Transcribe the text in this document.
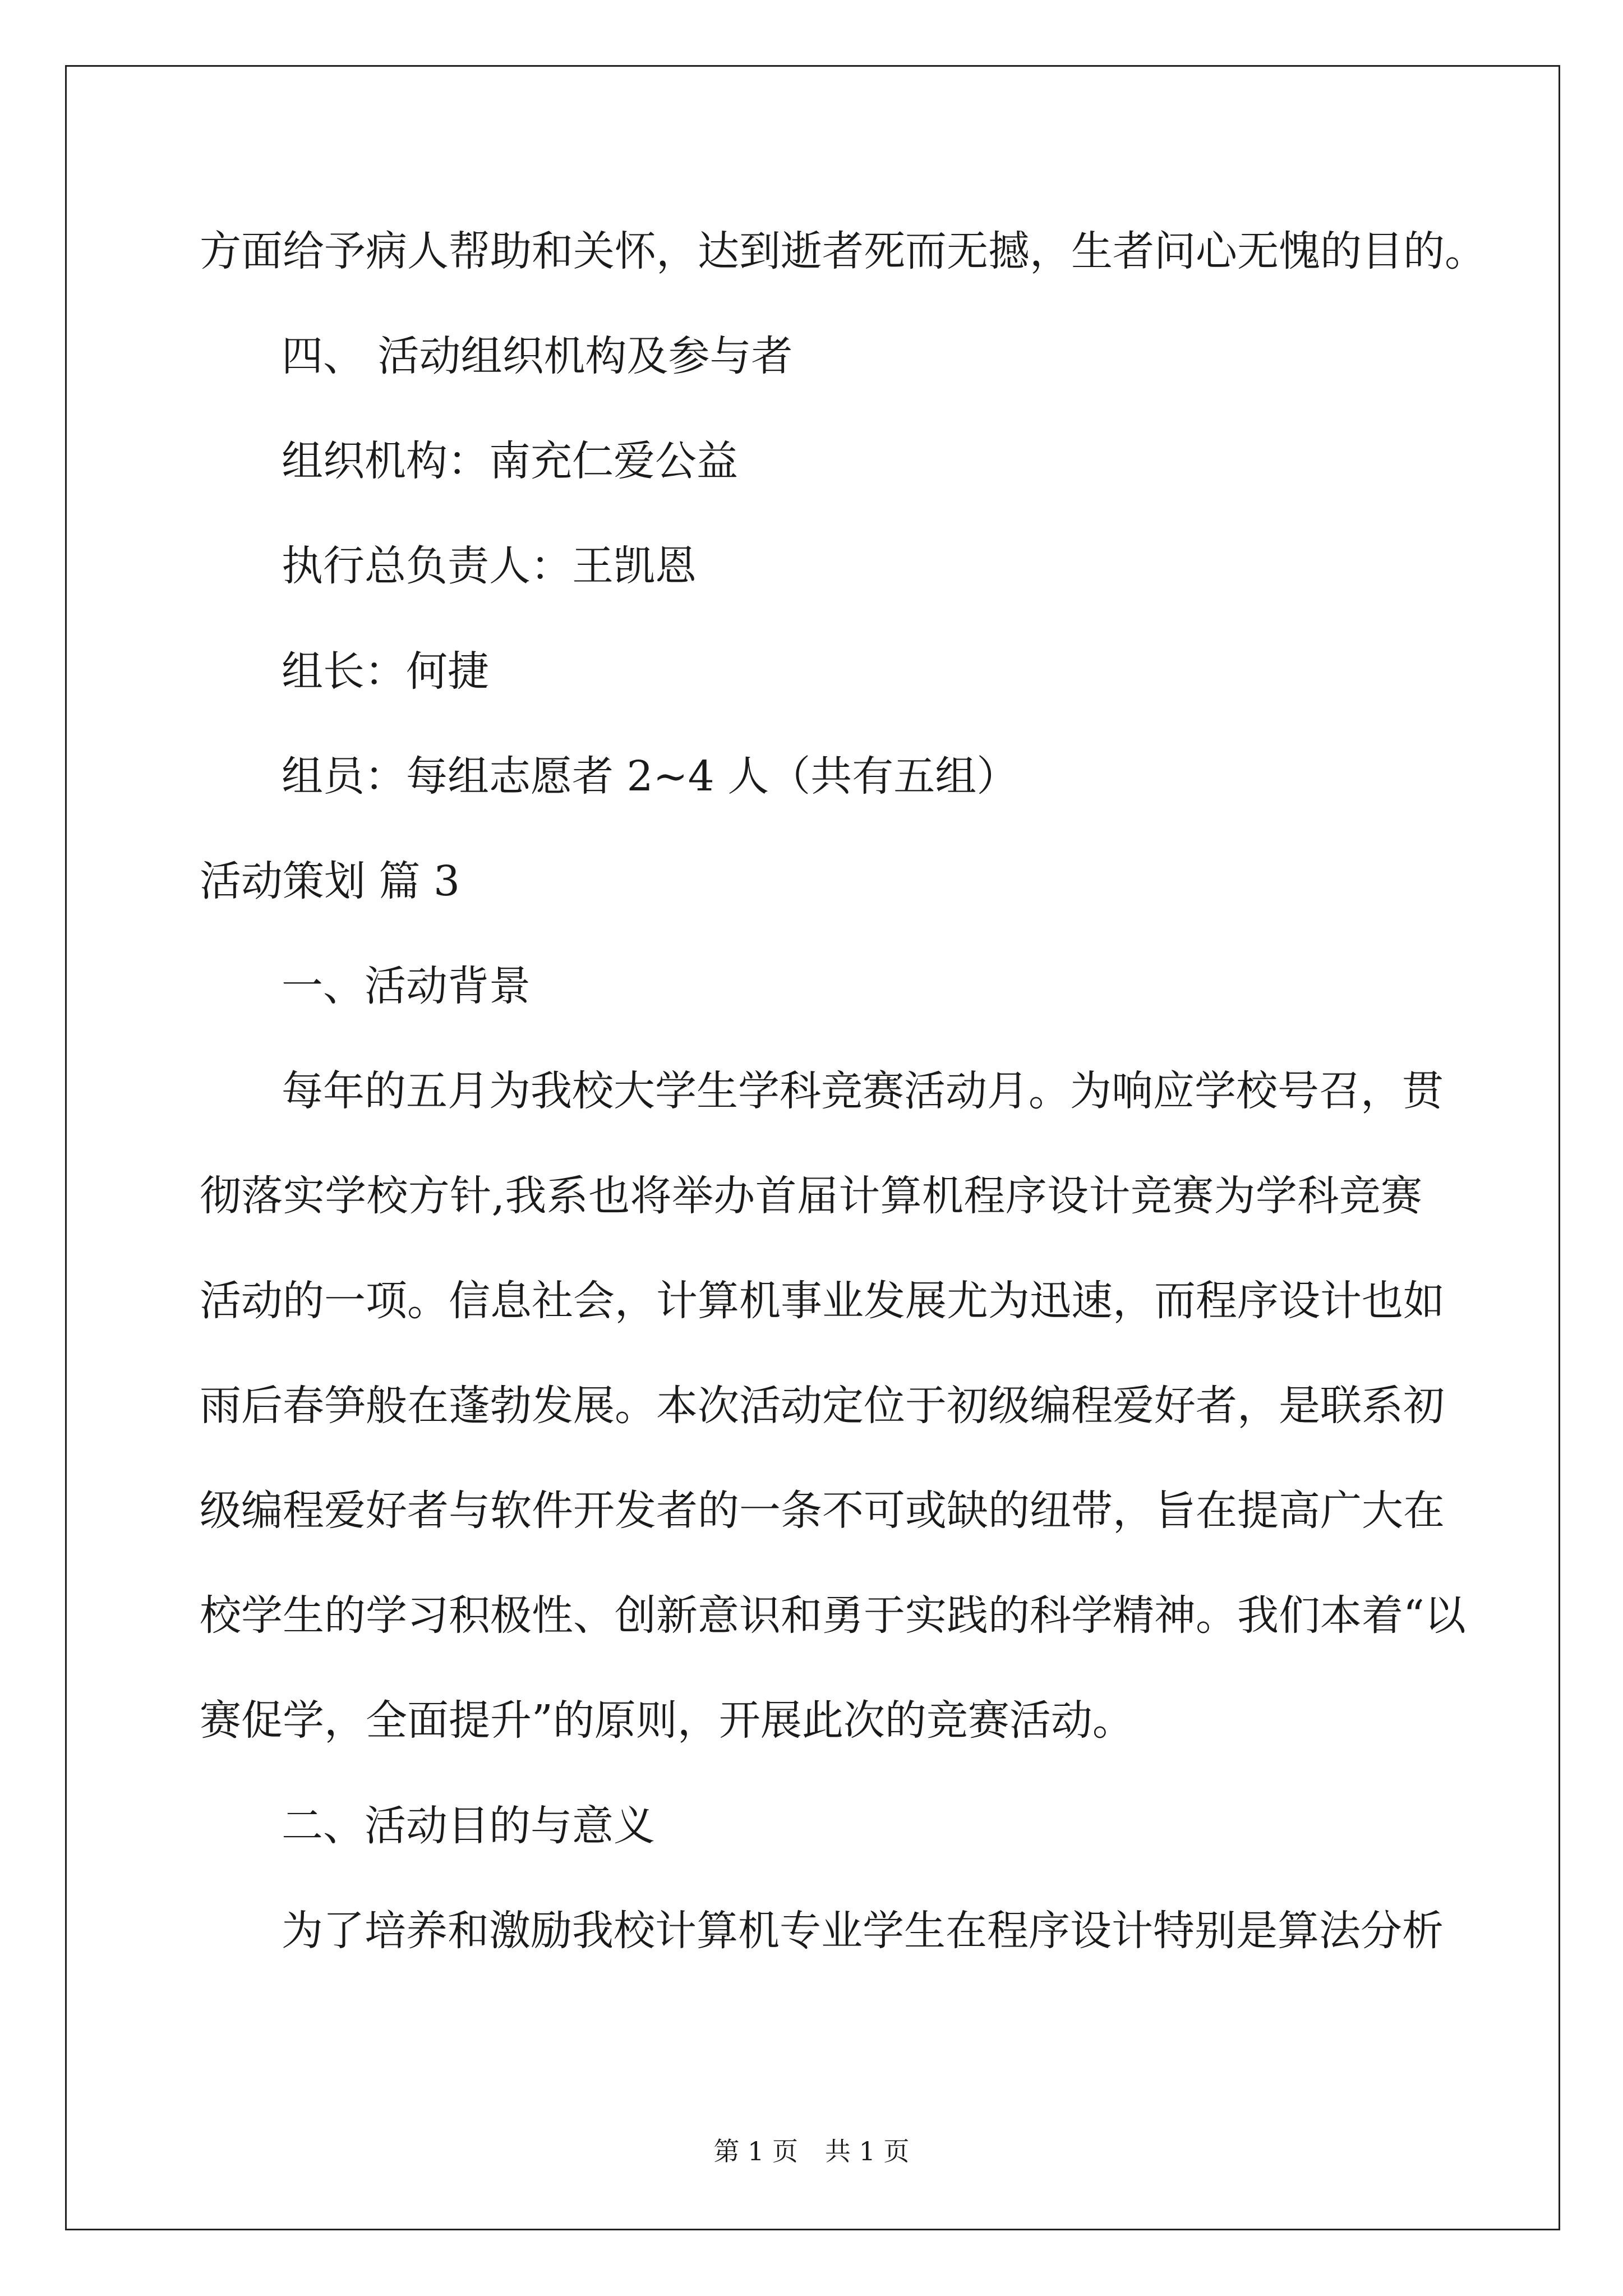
方面给予病人帮助和关怀，达到逝者死而无撼，生者问心无愧的目的。
四、 活动组织机构及参与者
组织机构：南充仁爱公益
执行总负责人：王凯恩
组长：何捷
组员：每组志愿者 2~4 人（共有五组）
活动策划 篇 3
一、活动背景
每年的五月为我校大学生学科竞赛活动月。为响应学校号召，贯
彻落实学校方针,我系也将举办首届计算机程序设计竞赛为学科竞赛
活动的一项。信息社会，计算机事业发展尤为迅速，而程序设计也如
雨后春笋般在蓬勃发展。本次活动定位于初级编程爱好者，是联系初
级编程爱好者与软件开发者的一条不可或缺的纽带，旨在提高广大在
校学生的学习积极性、创新意识和勇于实践的科学精神。我们本着“以
赛促学，全面提升”的原则，开展此次的竞赛活动。
二、活动目的与意义
为了培养和激励我校计算机专业学生在程序设计特别是算法分析
第 1 页 共 1 页
